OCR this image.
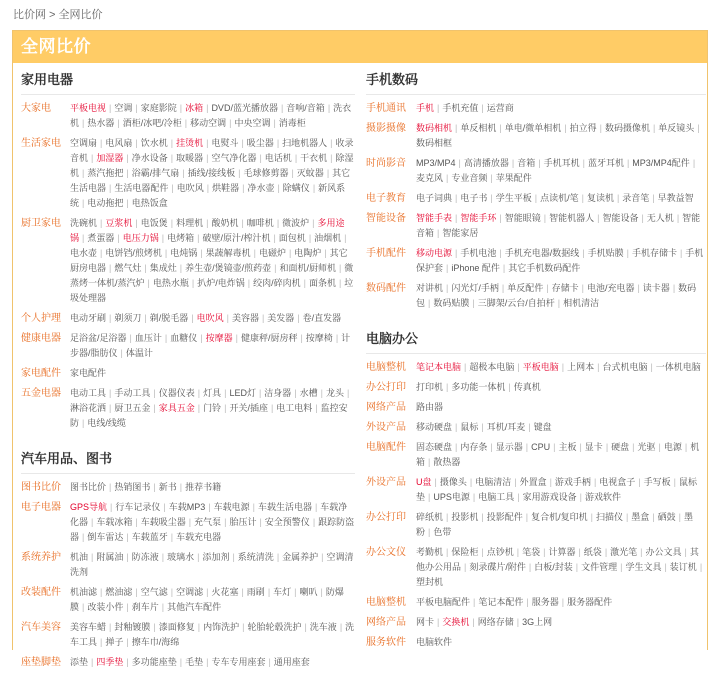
比价网 > 全网比价
全网比价
家用电器
大家电	平板电视 | 空调 | 家庭影院 | 冰箱 | DVD/蓝光播放器 | 音响/音箱 | 洗衣机 | 热水器 | 酒柜/冰吧/冷柜 | 移动空调 | 中央空调 | 消毒柜
生活家电	空调扇 | 电风扇 | 饮水机 | 挂烫机 | 电熨斗 | 吸尘器 | 扫地机器人 | 收录音机 | 加湿器 | 净水设备 | 取暖器 | 空气净化器 | 电话机 | 干衣机 | 除湿机 | 蒸汽拖把 | 浴霸/排气扇 | 插线/接线板 | 毛球修剪器 | 灭蚊器 | 其它生活电器 | 生活电器配件 | 电吹风 | 烘鞋器 | 净水壶 | 除螨仪 | 新风系统 | 电动拖把 | 电热饭盒
厨卫家电	洗碗机 | 豆浆机 | 电饭煲 | 料理机 | 酸奶机 | 咖啡机 | 微波炉 | 多用途锅 | 煮蛋器 | 电压力锅 | 电烤箱 | 破壁/原汁/榨汁机 | 面包机 | 油烟机 |电水壶 | 电饼铛/煎烤机 | 电炖锅 | 果蔬解毒机 | 电磁炉 | 电陶炉 | 其它厨房电器 | 燃气灶 | 集成灶 | 养生壶/煲镜壶/煎药壶 | 和面机/厨师机 | 微蒸烤一体机/蒸汽炉 | 电热水瓶 | 扒炉/电炸锅 | 绞肉/碎肉机 | 面条机 | 垃圾处理器
个人护理	电动牙刷 | 剃须刀 | 剃/脱毛器 | 电吹风 | 美容器 | 美发器 | 卷/直发器
健康电器	足浴盆/足浴器 | 血压计 | 血糖仪 | 按摩器 | 健康秤/厨房秤 | 按摩椅 | 计步器/脂肪仪 | 体温计
家电配件	家电配件
五金电器	电动工具 | 手动工具 | 仪器仪表 | 灯具 | LED灯 | 洁身器 | 水槽 | 龙头 |淋浴花洒 | 厨卫五金 | 家具五金 | 门铃 | 开关/插座 | 电工电料 | 监控安防 | 电线/线缆
汽车用品、图书
图书比价	图书比价 | 热销图书 | 新书 | 推荐书籍
电子电器	GPS导航 | 行车记录仪 | 车载MP3 | 车载电源 | 车载生活电器 | 车载净化器 | 车载冰箱 | 车载吸尘器 | 充气泵 | 胎压计 | 安全预警仪 | 跟踪防盗器 | 倒车雷达 | 车载蓝牙 | 车载充电器
系统养护	机油 | 附属油 | 防冻液 | 玻璃水 | 添加剂 | 系统清洗 | 金属养护 | 空调清洗剂
改装配件	机油滤 | 燃油滤 | 空气滤 | 空调滤 | 火花塞 | 雨刷 | 车灯 | 喇叭 | 防爆膜 | 改装小件 | 刹车片 | 其他汽车配件
汽车美容	美容车蜡 | 封釉镀膜 | 漆面修复 | 内饰洗护 | 轮胎轮毂洗护 | 洗车液 | 洗车工具 | 掸子 | 擦车巾/海绵
座垫脚垫	添垫 | 四季垫 | 多功能座垫 | 毛垫 | 专车专用座套 | 通用座套
手机数码
手机通讯	手机 | 手机充值 | 运营商
摄影摄像	数码相机 | 单反相机 | 单电/微单相机 | 拍立得 | 数码摄像机 | 单反镜头 |数码相框
时尚影音	MP3/MP4 | 高清播放器 | 音箱 | 手机耳机 | 蓝牙耳机 | MP3/MP4配件 |麦克风 | 专业音频 | 苹果配件
电子教育	电子词典 | 电子书 | 学生平板 | 点读机/笔 | 复读机 | 录音笔 | 早教益智
智能设备	智能手表 | 智能手环 | 智能眼镜 | 智能机器人 | 智能设备 | 无人机 | 智能音箱 | 智能家居
手机配件	移动电源 | 手机电池 | 手机充电器/数据线 | 手机贴膜 | 手机存储卡 | 手机保护套 | iPhone 配件 | 其它手机数码配件
数码配件	对讲机 | 闪光灯/手柄 | 单反配件 | 存储卡 | 电池/充电器 | 读卡器 | 数码包 | 数码贴膜 | 三脚架/云台/自拍杆 | 相机清洁
电脑办公
电脑整机	笔记本电脑 | 超极本电脑 | 平板电脑 | 上网本 | 台式机电脑 | 一体机电脑
办公打印	打印机 | 多功能一体机 | 传真机
网络产品	路由器
外设产品	移动硬盘 | 鼠标 | 耳机/耳麦 | 键盘
电脑配件	固态硬盘 | 内存条 | 显示器 | CPU | 主板 | 显卡 | 硬盘 | 光驱 | 电源 | 机箱 | 散热器
外设产品	U盘 | 摄像头 | 电脑清洁 | 外置盒 | 游戏手柄 | 电视盒子 | 手写板 | 鼠标垫 | UPS电源 | 电脑工具 | 家用游戏设备 | 游戏软件
办公打印	碎纸机 | 投影机 | 投影配件 | 复合机/复印机 | 扫描仪 | 墨盒 | 硒鼓 | 墨粉 | 色带
办公文仪	考勤机 | 保险柜 | 点钞机 | 笔袋 | 计算器 | 纸袋 | 激光笔 | 办公文具 | 其他办公用品 | 刻录碟片/附件 | 白板/封装 | 文件管理 | 学生文具 | 装订机 |塑封机
电脑整机	平板电脑配件 | 笔记本配件 | 服务器 | 服务器配件
网络产品	网卡 | 交换机 | 网络存储 | 3G上网
服务软件	电脑软件
